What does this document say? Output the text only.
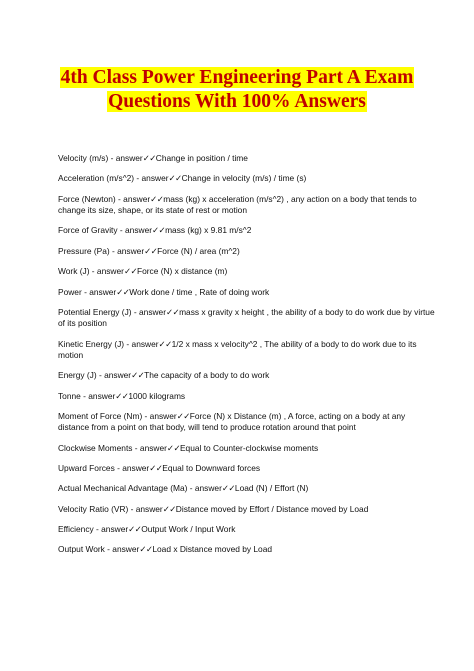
4th Class Power Engineering Part A Exam
Questions With 100% Answers
Velocity (m/s) - answer✓✓Change in position / time
Acceleration (m/s^2) - answer✓✓Change in velocity (m/s) / time (s)
Force (Newton) - answer✓✓mass (kg) x acceleration (m/s^2) , any action on a body that tends to change its size, shape, or its state of rest or motion
Force of Gravity - answer✓✓mass (kg) x 9.81 m/s^2
Pressure (Pa) - answer✓✓Force (N) / area (m^2)
Work (J) - answer✓✓Force (N) x distance (m)
Power - answer✓✓Work done / time , Rate of doing work
Potential Energy (J) - answer✓✓mass x gravity x height , the ability of a body to do work due by virtue of its position
Kinetic Energy (J) - answer✓✓1/2 x mass x velocity^2 , The ability of a body to do work due to its motion
Energy (J) - answer✓✓The capacity of a body to do work
Tonne - answer✓✓1000 kilograms
Moment of Force (Nm) - answer✓✓Force (N) x Distance (m) , A force, acting on a body at any distance from a point on that body, will tend to produce rotation around that point
Clockwise Moments - answer✓✓Equal to Counter-clockwise moments
Upward Forces - answer✓✓Equal to Downward forces
Actual Mechanical Advantage (Ma) - answer✓✓Load (N) / Effort (N)
Velocity Ratio (VR) - answer✓✓Distance moved by Effort / Distance moved by Load
Efficiency - answer✓✓Output Work / Input Work
Output Work - answer✓✓Load x Distance moved by Load
